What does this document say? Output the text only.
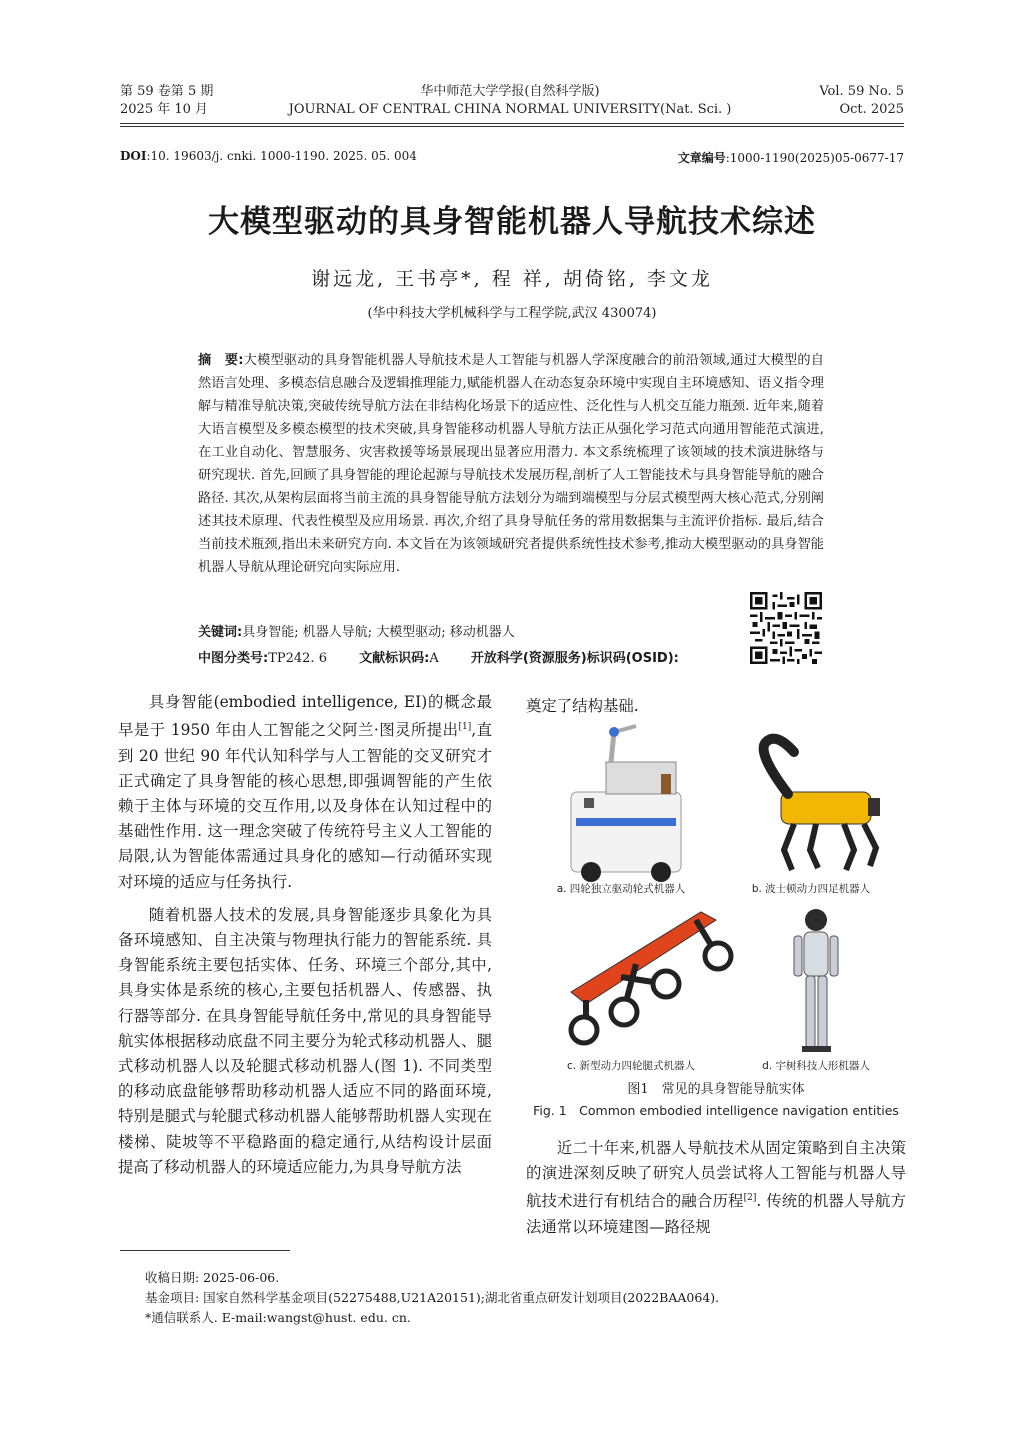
第 59 卷第 5 期
2025 年 10 月
华中师范大学学报(自然科学版)
JOURNAL OF CENTRAL CHINA NORMAL UNIVERSITY(Nat. Sci. )
Vol. 59 No. 5
Oct. 2025
DOI:10. 19603/j. cnki. 1000-1190. 2025. 05. 004	文章编号:1000-1190(2025)05-0677-17
大模型驱动的具身智能机器人导航技术综述
谢远龙, 王书亭*, 程 祥, 胡倚铭, 李文龙
(华中科技大学机械科学与工程学院,武汉 430074)
摘　要:大模型驱动的具身智能机器人导航技术是人工智能与机器人学深度融合的前沿领域,通过大模型的自然语言处理、多模态信息融合及逻辑推理能力,赋能机器人在动态复杂环境中实现自主环境感知、语义指令理解与精准导航决策,突破传统导航方法在非结构化场景下的适应性、泛化性与人机交互能力瓶颈. 近年来,随着大语言模型及多模态模型的技术突破,具身智能移动机器人导航方法正从强化学习范式向通用智能范式演进,在工业自动化、智慧服务、灾害救援等场景展现出显著应用潜力. 本文系统梳理了该领域的技术演进脉络与研究现状. 首先,回顾了具身智能的理论起源与导航技术发展历程,剖析了人工智能技术与具身智能导航的融合路径. 其次,从架构层面将当前主流的具身智能导航方法划分为端到端模型与分层式模型两大核心范式,分别阐述其技术原理、代表性模型及应用场景. 再次,介绍了具身导航任务的常用数据集与主流评价指标. 最后,结合当前技术瓶颈,指出未来研究方向. 本文旨在为该领域研究者提供系统性技术参考,推动大模型驱动的具身智能机器人导航从理论研究向实际应用.
关键词:具身智能; 机器人导航; 大模型驱动; 移动机器人
中图分类号:TP242. 6 文献标识码:A 开放科学(资源服务)标识码(OSID):

具身智能(embodied intelligence, EI)的概念最早是于 1950 年由人工智能之父阿兰·图灵所提出[1],直到 20 世纪 90 年代认知科学与人工智能的交叉研究才正式确定了具身智能的核心思想,即强调智能的产生依赖于主体与环境的交互作用,以及身体在认知过程中的基础性作用. 这一理念突破了传统符号主义人工智能的局限,认为智能体需通过具身化的感知—行动循环实现对环境的适应与任务执行.

随着机器人技术的发展,具身智能逐步具象化为具备环境感知、自主决策与物理执行能力的智能系统. 具身智能系统主要包括实体、任务、环境三个部分,其中,具身实体是系统的核心,主要包括机器人、传感器、执行器等部分. 在具身智能导航任务中,常见的具身智能导航实体根据移动底盘不同主要分为轮式移动机器人、腿式移动机器人以及轮腿式移动机器人(图 1). 不同类型的移动底盘能够帮助移动机器人适应不同的路面环境,特别是腿式与轮腿式移动机器人能够帮助机器人实现在楼梯、陡坡等不平稳路面的稳定通行,从结构设计层面提高了移动机器人的环境适应能力,为具身导航方法

奠定了结构基础.
a. 四轮独立驱动轮式机器人	b. 波士顿动力四足机器人
c. 新型动力四轮腿式机器人	d. 宇树科技人形机器人
图1　常见的具身智能导航实体
Fig. 1　Common embodied intelligence navigation entities

近二十年来,机器人导航技术从固定策略到自主决策的演进深刻反映了研究人员尝试将人工智能与机器人导航技术进行有机结合的融合历程[2]. 传统的机器人导航方法通常以环境建图—路径规

收稿日期: 2025-06-06.
基金项目: 国家自然科学基金项目(52275488,U21A20151);湖北省重点研发计划项目(2022BAA064).
*通信联系人. E-mail:wangst@hust. edu. cn.
